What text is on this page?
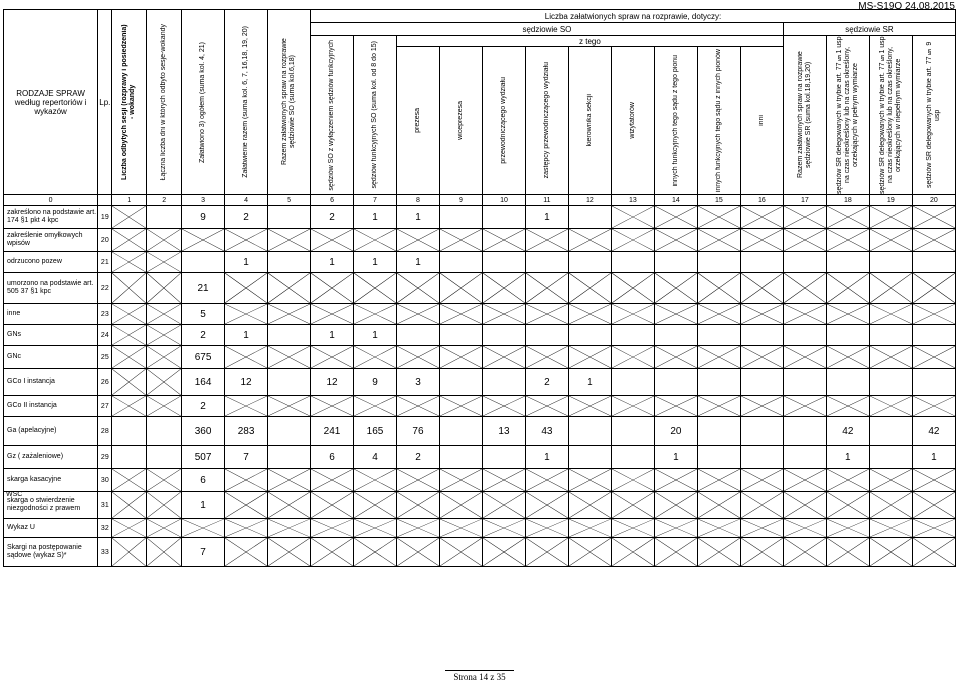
MS-S19O 24.08.2015
RODZAJE SPRAW według repertoriów i wykazów	Lp.	Liczba odbytych sesji (rozprawy i posiedzenia) - wokandy	Łączna liczba dni w których odbyto sesje-wokandy	Załatwiono 3) ogółem (suma kol. 4, 21)	Załatwienie razem (suma kol. 6, 7, 16,18, 19, 20)	Razem załatwionych spraw na rozprawie sędziowie SO (suma kol.6,18)	Liczba załatwionych spraw na rozprawie, dotyczy:														
							sędziowie SO											sędziowie SR			

							sędziów SO z wyłączeniem sędziów funkcyjnych	sędziów funkcyjnych SO (suma kol. od 8 do 15)	z tego									Razem załatwionych spraw na rozprawie sędziowie SR (suma kol.18,19,20)	sędziów SR delegowanych w trybie art. 77 §1 usp na czas nieokreślony lub na czas określony, orzekających w pełnym wymiarze	sędziów SR delegowanych w trybie art. 77 §1 usp na czas nieokreślony lub na czas określony, orzekających w niepełnym wymiarze	sędziów SR delegowanych w trybie art. 77 § 9 usp

									prezesa	wiceprezesa	przewodniczącego wydziału	zastępcy przewodniczącego wydziału	kierownika sekcji	wizytatorów	innych funkcyjnych tego sądu z tego pionu	innych funkcyjnych tego sądu z innych pionów	inni				

0		1	2	3	4	5	6	7	8	9	10	11	12	13	14	15	16	17	18	19	20
zakreślono na podstawie art. 174 §1 pkt 4 kpc	19			9	2		2	1	1			1		

zakreślenie omyłkowych wpisów	20	

odrzucono pozew	21				1		1	1	1												
umorzono na podstawie art. 505 37 §1 kpc	22			21	

inne	23			5	

GNs	24			2	1		1	1													
GNc	25			675	

GCo I instancja	26			164	12		12	9	3			2	1								
GCo II instancja	27			2	

Ga (apelacyjne)	28			360	283		241	165	76		13	43			20				42		42
Gz ( zażaleniowe)	29			507	7		6	4	2			1			1				1		1

WSC
skarga kasacyjne	30			6	

skarga o stwierdzenie niezgodności z prawem	31			1	

Wykaz U	32	

Skargi na postępowanie sądowe (wykaz S)*	33			7	

Strona 14 z 35
